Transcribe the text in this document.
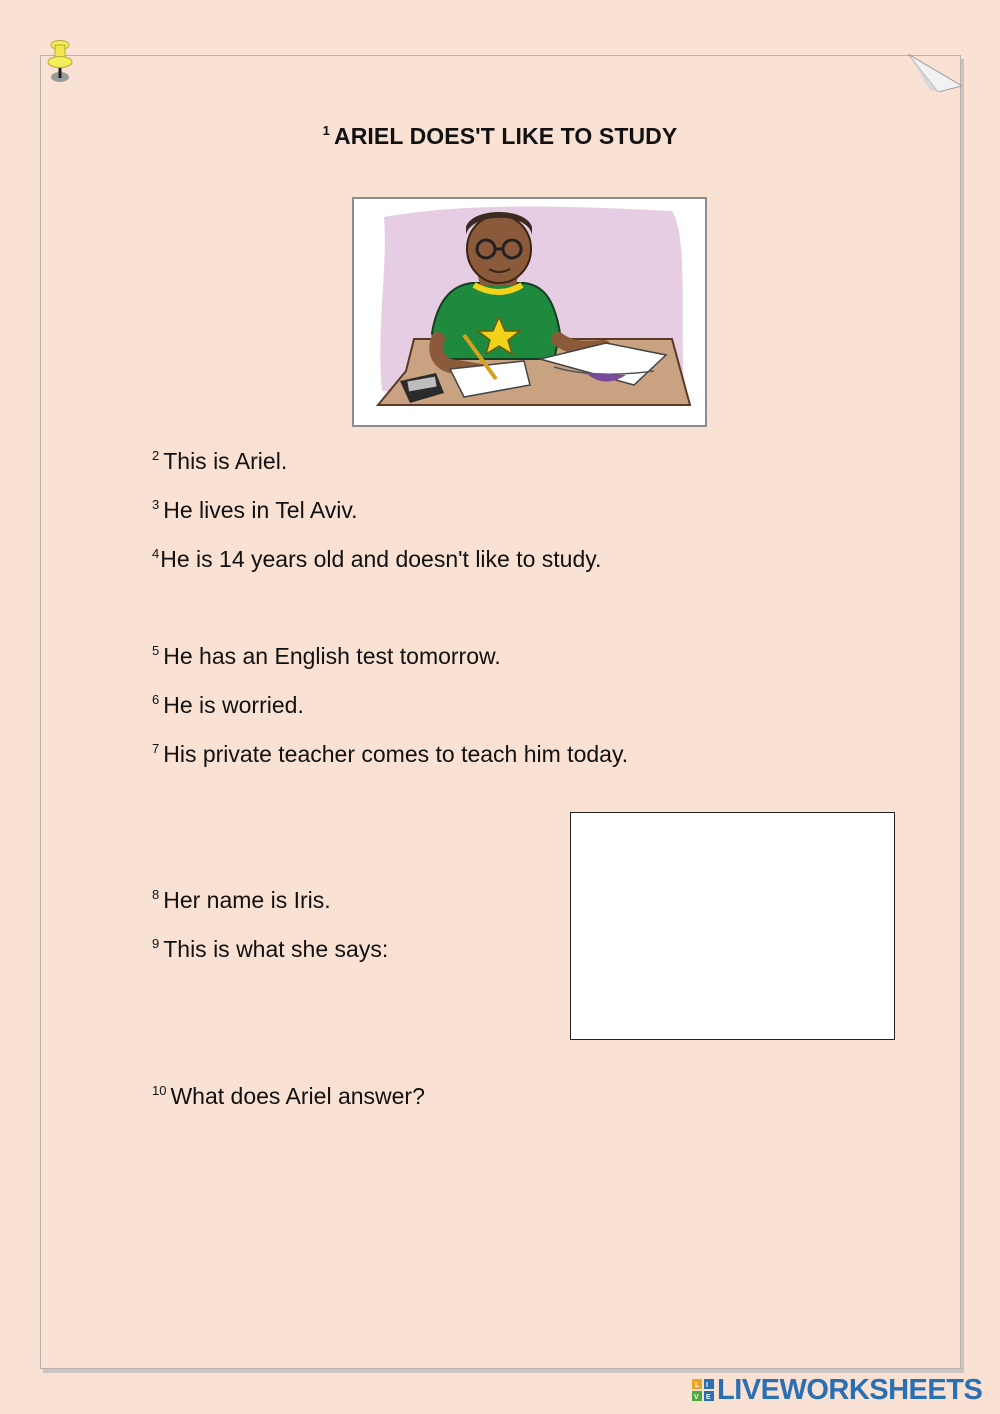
$^1$ ARIEL DOES'T LIKE TO STUDY
$^2$ This is Ariel.
$^3$ He lives in Tel Aviv.
$^4$He is 14 years old and doesn't like to study.
$^5$ He has an English test tomorrow.
$^6$ He is worried.
$^7$ His private teacher comes to teach him today.
$^8$ Her name is Iris.
$^9$ This is what she says:
$^{10}$ What does Ariel answer?
L I
V E LIVEWORKSHEETS
